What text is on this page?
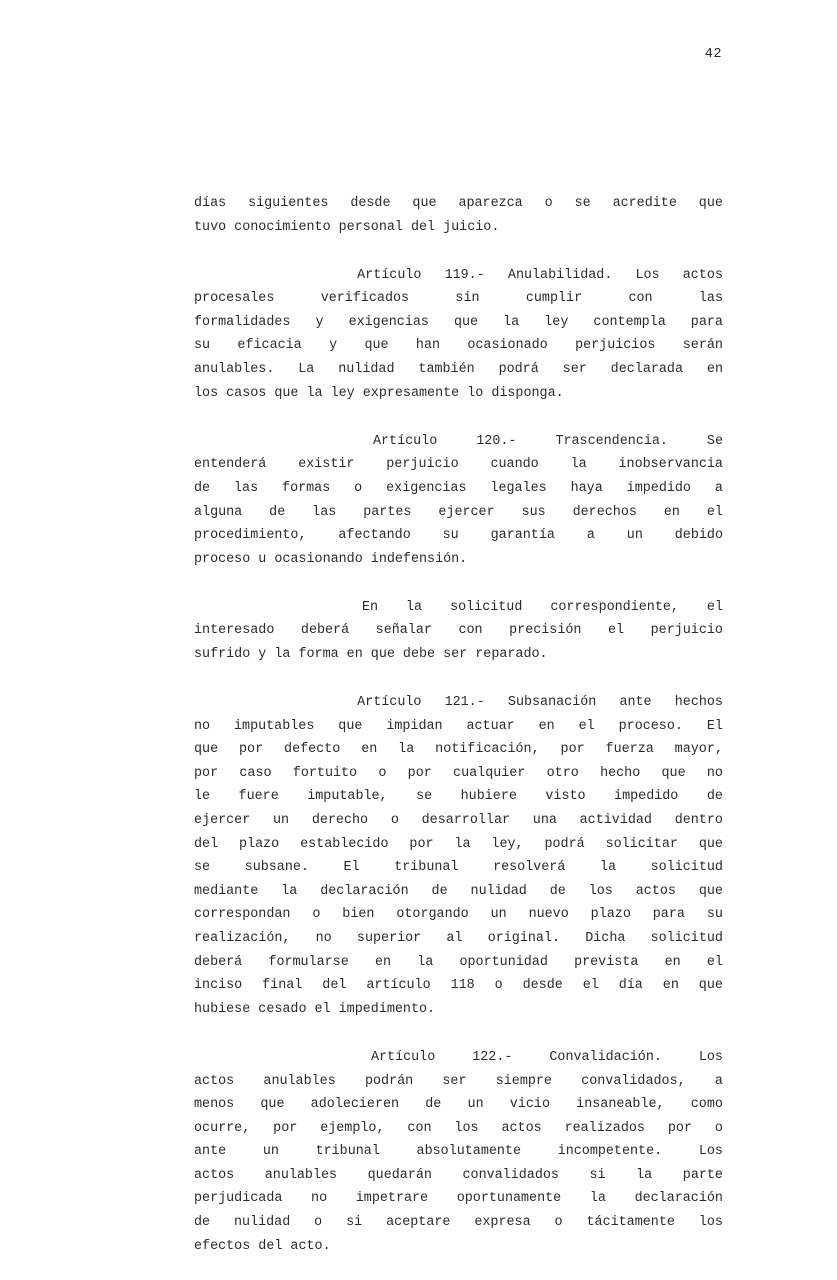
42
días siguientes desde que aparezca o se acredite que
tuvo conocimiento personal del juicio.
Artículo 119.- Anulabilidad. Los actos
procesales	verificados	sin	cumplir	con	las
formalidades y exigencias que la ley contempla para
su eficacia y que han ocasionado perjuicios serán
anulables. La nulidad también podrá ser declarada en
los casos que la ley expresamente lo disponga.
Artículo	120.-	Trascendencia.	Se
entenderá existir perjuicio cuando la inobservancia
de las formas o exigencias legales haya impedido a
alguna de las partes ejercer sus derechos en el
procedimiento, afectando su garantía a un debido
proceso u ocasionando indefensión.
En la solicitud correspondiente, el
interesado deberá señalar con precisión el perjuicio
sufrido y la forma en que debe ser reparado.
Artículo 121.- Subsanación ante hechos
no imputables que impidan actuar en el proceso. El
que por defecto en la notificación, por fuerza mayor,
por caso fortuito o por cualquier otro hecho que no
le fuere imputable, se hubiere visto impedido de
ejercer un derecho o desarrollar una actividad dentro
del plazo establecido por la ley, podrá solicitar que
se	subsane.	El	tribunal	resolverá	la	solicitud
mediante la declaración de nulidad de los actos que
correspondan o bien otorgando un nuevo plazo para su
realización, no superior al original. Dicha solicitud
deberá formularse en la oportunidad prevista en el
inciso final del artículo 118 o desde el día en que
hubiese cesado el impedimento.
Artículo	122.-	Convalidación.	Los
actos anulables podrán ser siempre convalidados, a
menos que adolecieren de un vicio insaneable, como
ocurre, por ejemplo, con los actos realizados por o
ante	un	tribunal	absolutamente	incompetente.	Los
actos anulables quedarán convalidados si la parte
perjudicada no impetrare oportunamente la declaración
de nulidad o si aceptare expresa o tácitamente los
efectos del acto.
